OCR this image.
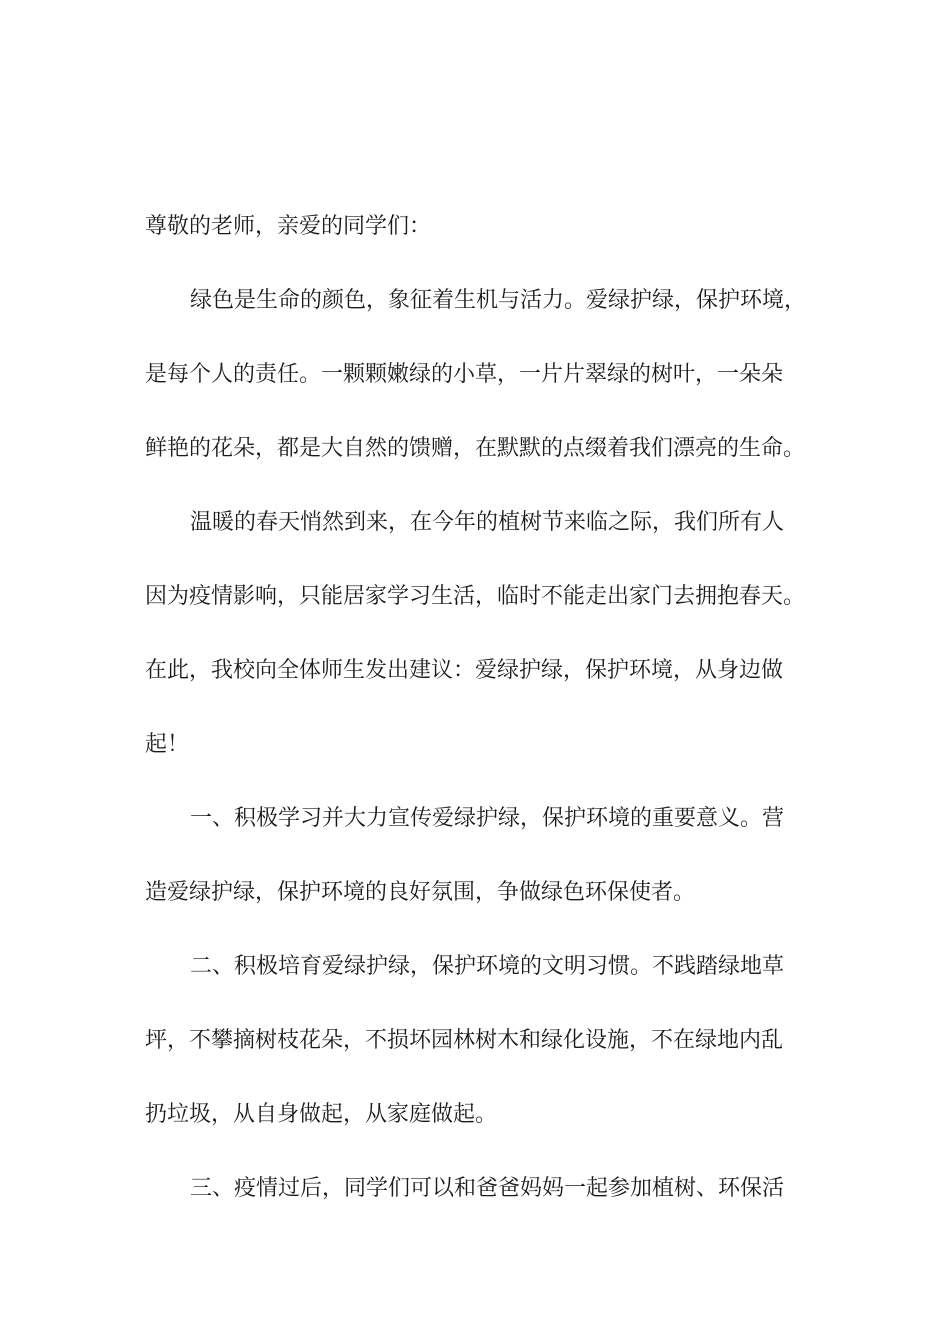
尊敬的老师，亲爱的同学们：
绿色是生命的颜色，象征着生机与活力。爱绿护绿，保护环境，
是每个人的责任。一颗颗嫩绿的小草，一片片翠绿的树叶，一朵朵
鲜艳的花朵，都是大自然的馈赠，在默默的点缀着我们漂亮的生命。
温暖的春天悄然到来，在今年的植树节来临之际，我们所有人
因为疫情影响，只能居家学习生活，临时不能走出家门去拥抱春天。
在此，我校向全体师生发出建议：爱绿护绿，保护环境，从身边做
起！
一、积极学习并大力宣传爱绿护绿，保护环境的重要意义。营
造爱绿护绿，保护环境的良好氛围，争做绿色环保使者。
二、积极培育爱绿护绿，保护环境的文明习惯。不践踏绿地草
坪，不攀摘树枝花朵，不损坏园林树木和绿化设施，不在绿地内乱
扔垃圾，从自身做起，从家庭做起。
三、疫情过后，同学们可以和爸爸妈妈一起参加植树、环保活
